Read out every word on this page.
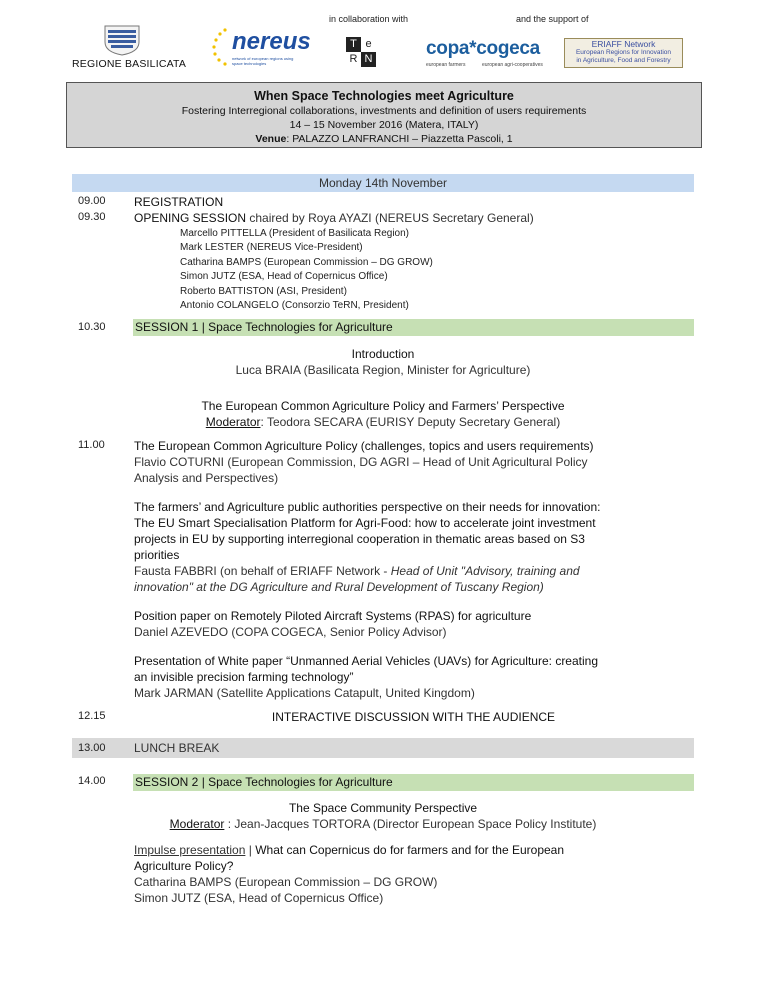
in collaboration with	and the support of
REGIONE BASILICATA
nereus
network of european regions using space technologies
T e
R N	copa*cogeca
european farmers	european agri-cooperatives
ERIAFF Network
European Regions for Innovation
in Agriculture, Food and Forestry
When Space Technologies meet Agriculture
Fostering Interregional collaborations, investments and definition of users requirements
14 – 15 November 2016 (Matera, ITALY)
Venue: PALAZZO LANFRANCHI – Piazzetta Pascoli, 1
Monday 14th November
09.00 REGISTRATION
09.30 OPENING SESSION chaired by Roya AYAZI (NEREUS Secretary General)
Marcello PITTELLA (President of Basilicata Region)
Mark LESTER (NEREUS Vice-President)
Catharina BAMPS (European Commission – DG GROW)
Simon JUTZ (ESA, Head of Copernicus Office)
Roberto BATTISTON (ASI, President)
Antonio COLANGELO (Consorzio TeRN, President)
10.30 SESSION 1 | Space Technologies for Agriculture
Introduction
Luca BRAIA (Basilicata Region, Minister for Agriculture)
The European Common Agriculture Policy and Farmers’ Perspective
Moderator: Teodora SECARA (EURISY Deputy Secretary General)
11.00 The European Common Agriculture Policy (challenges, topics and users requirements)
Flavio COTURNI (European Commission, DG AGRI – Head of Unit Agricultural Policy
Analysis and Perspectives)
The farmers’ and Agriculture public authorities perspective on their needs for innovation:
The EU Smart Specialisation Platform for Agri-Food: how to accelerate joint investment
projects in EU by supporting interregional cooperation in thematic areas based on S3
priorities
Fausta FABBRI (on behalf of ERIAFF Network - Head of Unit "Advisory, training and
innovation" at the DG Agriculture and Rural Development of Tuscany Region)
Position paper on Remotely Piloted Aircraft Systems (RPAS) for agriculture
Daniel AZEVEDO (COPA COGECA, Senior Policy Advisor)
Presentation of White paper “Unmanned Aerial Vehicles (UAVs) for Agriculture: creating
an invisible precision farming technology”
Mark JARMAN (Satellite Applications Catapult, United Kingdom)
12.15	INTERACTIVE DISCUSSION WITH THE AUDIENCE
13.00 LUNCH BREAK
14.00 SESSION 2 | Space Technologies for Agriculture
The Space Community Perspective
Moderator : Jean-Jacques TORTORA (Director European Space Policy Institute)
Impulse presentation | What can Copernicus do for farmers and for the European
Agriculture Policy?
Catharina BAMPS (European Commission – DG GROW)
Simon JUTZ (ESA, Head of Copernicus Office)
